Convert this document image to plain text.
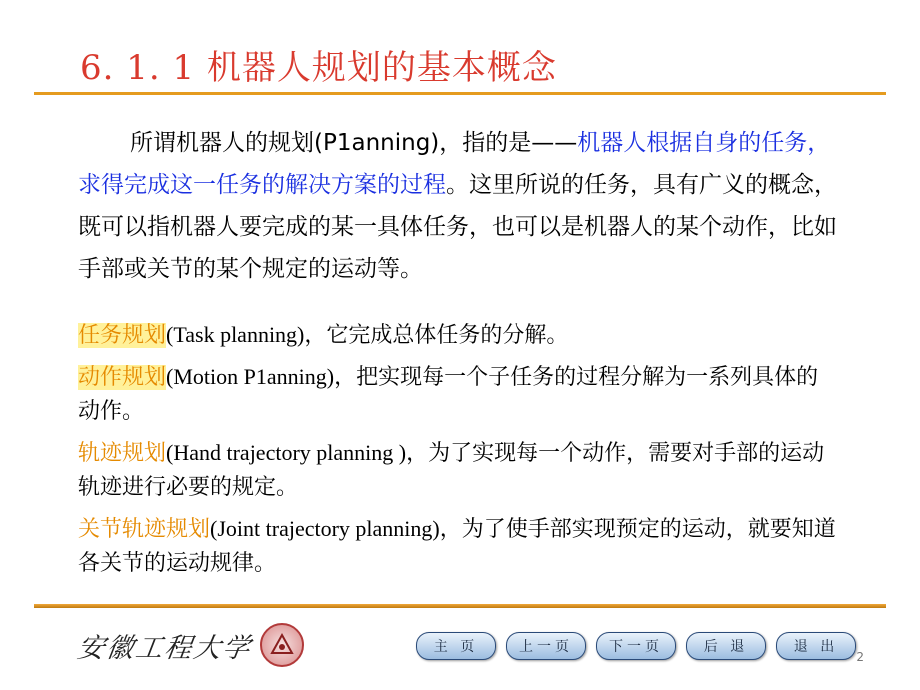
6. 1. 1 机器人规划的基本概念
所谓机器人的规划(P1anning)，指的是——机器人根据自身的任务，求得完成这一任务的解决方案的过程。这里所说的任务，具有广义的概念，既可以指机器人要完成的某一具体任务，也可以是机器人的某个动作，比如手部或关节的某个规定的运动等。
任务规划(Task planning)，它完成总体任务的分解。
动作规划(Motion P1anning)，把实现每一个子任务的过程分解为一系列具体的动作。
轨迹规划(Hand trajectory planning )，为了实现每一个动作，需要对手部的运动轨迹进行必要的规定。
关节轨迹规划(Joint trajectory planning)，为了使手部实现预定的运动，就要知道各关节的运动规律。
安徽工程大学	主 页	上一页	下一页	后 退	退 出
2
